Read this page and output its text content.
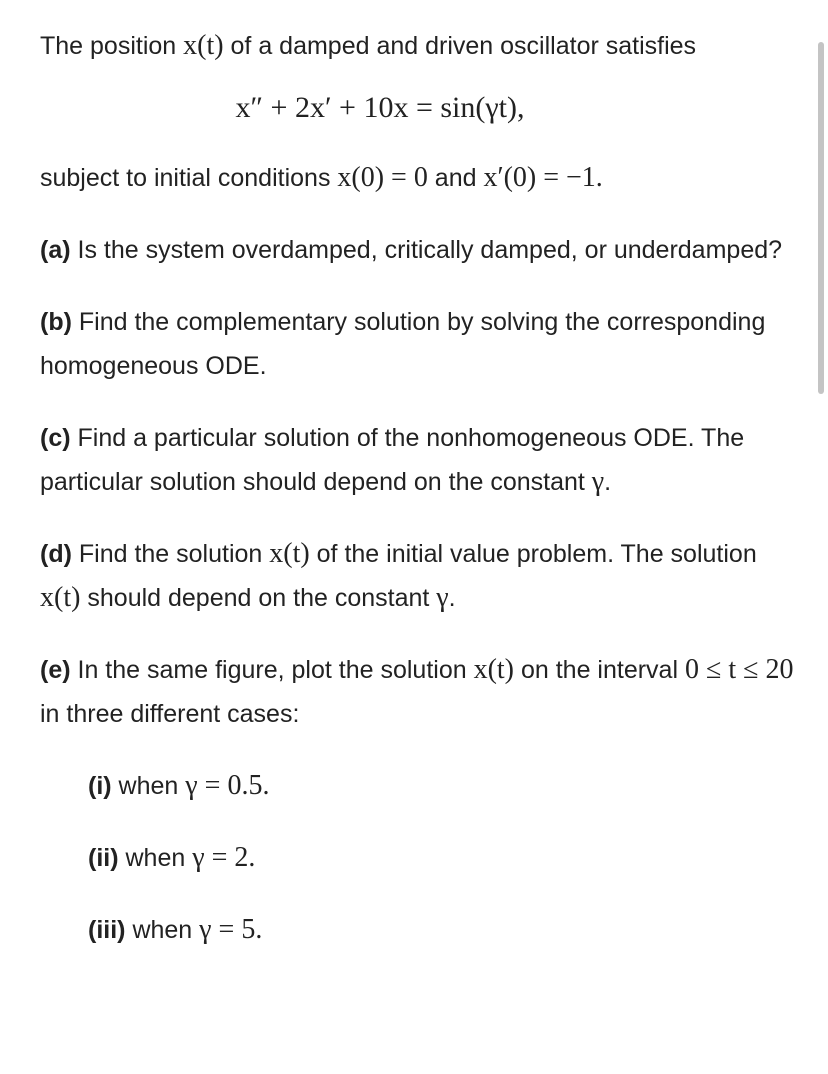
The position x(t) of a damped and driven oscillator satisfies

x″ + 2x′ + 10x = sin(γt),

subject to initial conditions x(0) = 0 and x′(0) = −1.

(a) Is the system overdamped, critically damped, or underdamped?

(b) Find the complementary solution by solving the corresponding homogeneous ODE.

(c) Find a particular solution of the nonhomogeneous ODE. The particular solution should depend on the constant γ.

(d) Find the solution x(t) of the initial value problem. The solution x(t) should depend on the constant γ.

(e) In the same figure, plot the solution x(t) on the interval 0 ≤ t ≤ 20 in three different cases:

(i) when γ = 0.5.

(ii) when γ = 2.

(iii) when γ = 5.
